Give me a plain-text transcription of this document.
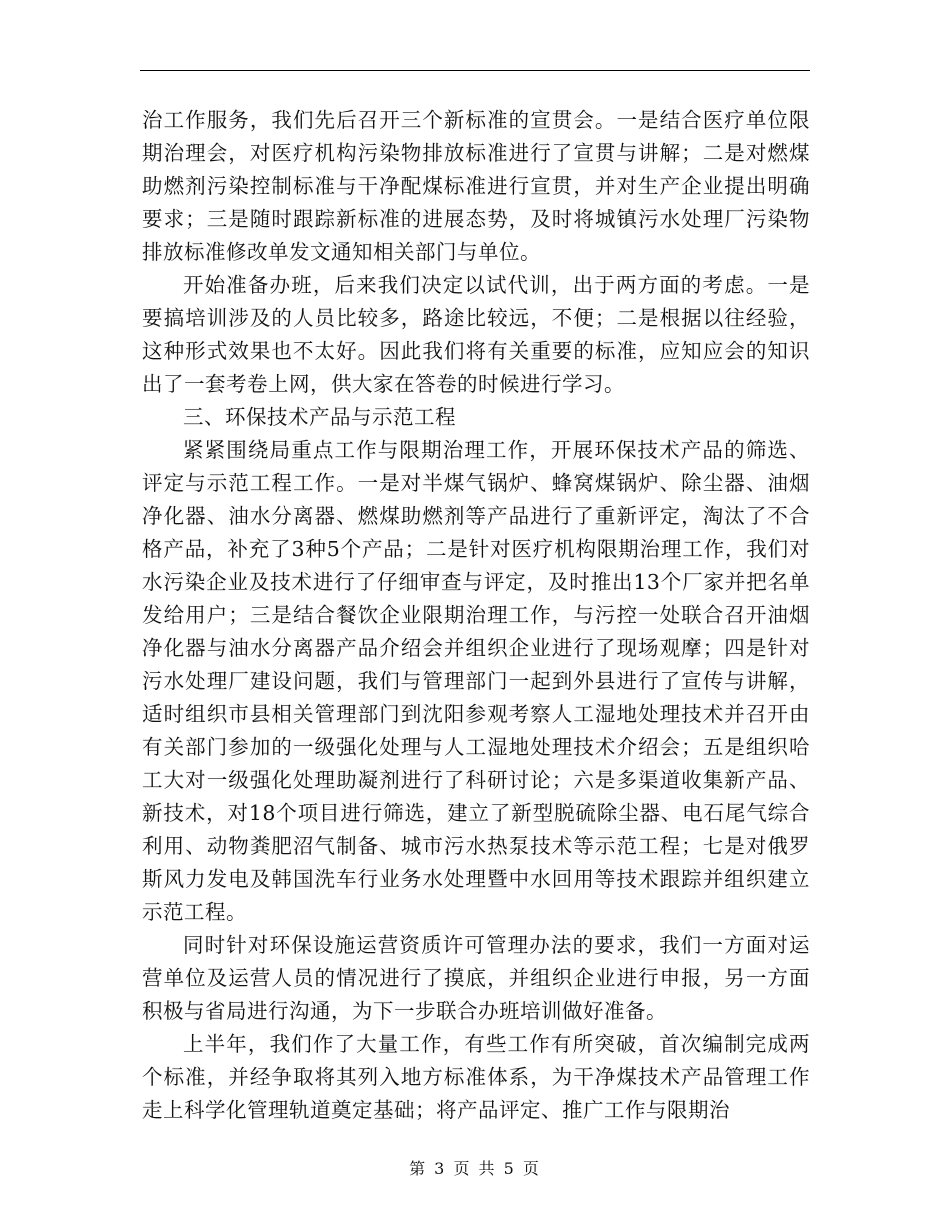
治工作服务，我们先后召开三个新标准的宣贯会。一是结合医疗单位限期治理会，对医疗机构污染物排放标准进行了宣贯与讲解；二是对燃煤助燃剂污染控制标准与干净配煤标准进行宣贯，并对生产企业提出明确要求；三是随时跟踪新标准的进展态势，及时将城镇污水处理厂污染物排放标准修改单发文通知相关部门与单位。

开始准备办班，后来我们决定以试代训，出于两方面的考虑。一是要搞培训涉及的人员比较多，路途比较远，不便；二是根据以往经验，这种形式效果也不太好。因此我们将有关重要的标准，应知应会的知识出了一套考卷上网，供大家在答卷的时候进行学习。

三、环保技术产品与示范工程

紧紧围绕局重点工作与限期治理工作，开展环保技术产品的筛选、评定与示范工程工作。一是对半煤气锅炉、蜂窝煤锅炉、除尘器、油烟净化器、油水分离器、燃煤助燃剂等产品进行了重新评定，淘汰了不合格产品，补充了3种5个产品；二是针对医疗机构限期治理工作，我们对水污染企业及技术进行了仔细审查与评定，及时推出13个厂家并把名单发给用户；三是结合餐饮企业限期治理工作，与污控一处联合召开油烟净化器与油水分离器产品介绍会并组织企业进行了现场观摩；四是针对污水处理厂建设问题，我们与管理部门一起到外县进行了宣传与讲解，适时组织市县相关管理部门到沈阳参观考察人工湿地处理技术并召开由有关部门参加的一级强化处理与人工湿地处理技术介绍会；五是组织哈工大对一级强化处理助凝剂进行了科研讨论；六是多渠道收集新产品、新技术，对18个项目进行筛选，建立了新型脱硫除尘器、电石尾气综合利用、动物粪肥沼气制备、城市污水热泵技术等示范工程；七是对俄罗斯风力发电及韩国洗车行业务水处理暨中水回用等技术跟踪并组织建立示范工程。

同时针对环保设施运营资质许可管理办法的要求，我们一方面对运营单位及运营人员的情况进行了摸底，并组织企业进行申报，另一方面积极与省局进行沟通，为下一步联合办班培训做好准备。

上半年，我们作了大量工作，有些工作有所突破，首次编制完成两个标准，并经争取将其列入地方标准体系，为干净煤技术产品管理工作走上科学化管理轨道奠定基础；将产品评定、推广工作与限期治

第 3 页 共 5 页
